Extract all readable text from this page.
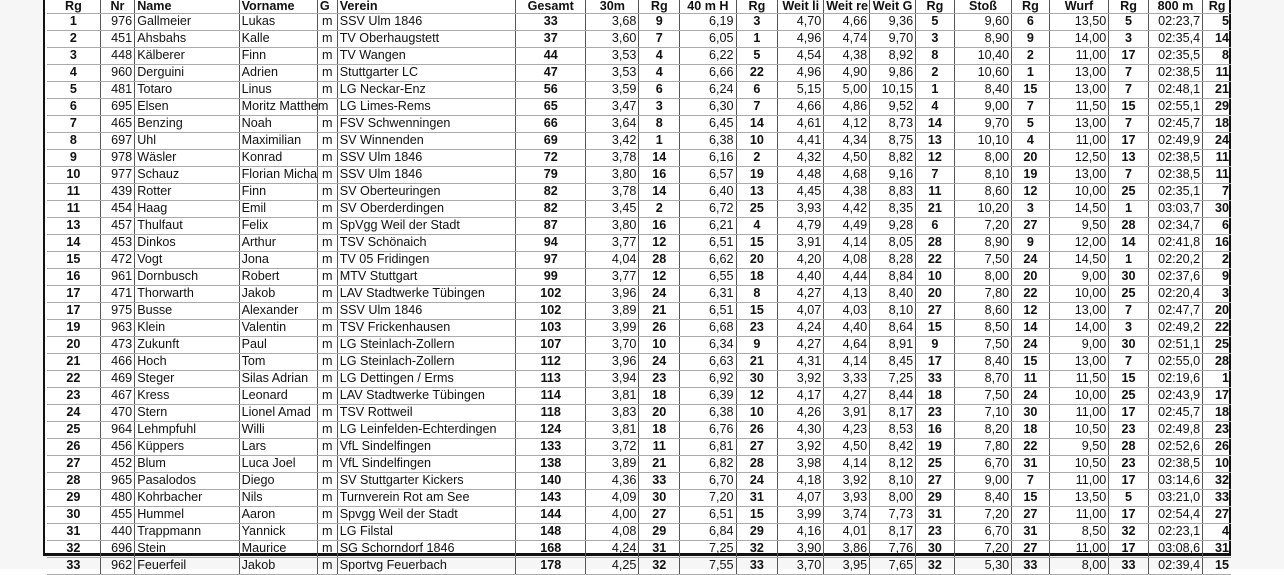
Rg	Nr	Name	Vorname	G	Verein	Gesamt	30m	Rg	40 m H	Rg	Weit li	Weit re	Weit G	Rg	Stoß	Rg	Wurf	Rg	800 m	Rg
1	976	Gallmeier	Lukas	m	SSV Ulm 1846	33	3,68	9	6,19	3	4,70	4,66	9,36	5	9,60	6	13,50	5	02:23,7	5
2	451	Ahsbahs	Kalle	m	TV Oberhaugstett	37	3,60	7	6,05	1	4,96	4,74	9,70	3	8,90	9	14,00	3	02:35,4	14
3	448	Kälberer	Finn	m	TV Wangen	44	3,53	4	6,22	5	4,54	4,38	8,92	8	10,40	2	11,00	17	02:35,5	8
4	960	Derguini	Adrien	m	Stuttgarter LC	47	3,53	4	6,66	22	4,96	4,90	9,86	2	10,60	1	13,00	7	02:38,5	11
5	481	Totaro	Linus	m	LG Neckar-Enz	56	3,59	6	6,24	6	5,15	5,00	10,15	1	8,40	15	13,00	7	02:48,1	21
6	695	Elsen	Moritz Matthem		LG Limes-Rems	65	3,47	3	6,30	7	4,66	4,86	9,52	4	9,00	7	11,50	15	02:55,1	29
7	465	Benzing	Noah	m	FSV Schwenningen	66	3,64	8	6,45	14	4,61	4,12	8,73	14	9,70	5	13,00	7	02:45,7	18
8	697	Uhl	Maximilian	m	SV Winnenden	69	3,42	1	6,38	10	4,41	4,34	8,75	13	10,10	4	11,00	17	02:49,9	24
9	978	Wäsler	Konrad	m	SSV Ulm 1846	72	3,78	14	6,16	2	4,32	4,50	8,82	12	8,00	20	12,50	13	02:38,5	11
10	977	Schauz	Florian Micha	m	SSV Ulm 1846	79	3,80	16	6,57	19	4,48	4,68	9,16	7	8,10	19	13,00	7	02:38,5	11
11	439	Rotter	Finn	m	SV Oberteuringen	82	3,78	14	6,40	13	4,45	4,38	8,83	11	8,60	12	10,00	25	02:35,1	7
11	454	Haag	Emil	m	SV Oberderdingen	82	3,45	2	6,72	25	3,93	4,42	8,35	21	10,20	3	14,50	1	03:03,7	30
13	457	Thulfaut	Felix	m	SpVgg Weil der Stadt	87	3,80	16	6,21	4	4,79	4,49	9,28	6	7,20	27	9,50	28	02:34,7	6
14	453	Dinkos	Arthur	m	TSV Schönaich	94	3,77	12	6,51	15	3,91	4,14	8,05	28	8,90	9	12,00	14	02:41,8	16
15	472	Vogt	Jona	m	TV 05 Fridingen	97	4,04	28	6,62	20	4,20	4,08	8,28	22	7,50	24	14,50	1	02:20,2	2
16	961	Dornbusch	Robert	m	MTV Stuttgart	99	3,77	12	6,55	18	4,40	4,44	8,84	10	8,00	20	9,00	30	02:37,6	9
17	471	Thorwarth	Jakob	m	LAV Stadtwerke Tübingen	102	3,96	24	6,31	8	4,27	4,13	8,40	20	7,80	22	10,00	25	02:20,4	3
17	975	Busse	Alexander	m	SSV Ulm 1846	102	3,89	21	6,51	15	4,07	4,03	8,10	27	8,60	12	13,00	7	02:47,7	20
19	963	Klein	Valentin	m	TSV Frickenhausen	103	3,99	26	6,68	23	4,24	4,40	8,64	15	8,50	14	14,00	3	02:49,2	22
20	473	Zukunft	Paul	m	LG Steinlach-Zollern	107	3,70	10	6,34	9	4,27	4,64	8,91	9	7,50	24	9,00	30	02:51,1	25
21	466	Hoch	Tom	m	LG Steinlach-Zollern	112	3,96	24	6,63	21	4,31	4,14	8,45	17	8,40	15	13,00	7	02:55,0	28
22	469	Steger	Silas Adrian	m	LG Dettingen / Erms	113	3,94	23	6,92	30	3,92	3,33	7,25	33	8,70	11	11,50	15	02:19,6	1
23	467	Kress	Leonard	m	LAV Stadtwerke Tübingen	114	3,81	18	6,39	12	4,17	4,27	8,44	18	7,50	24	10,00	25	02:43,9	17
24	470	Stern	Lionel Amad	m	TSV Rottweil	118	3,83	20	6,38	10	4,26	3,91	8,17	23	7,10	30	11,00	17	02:45,7	18
25	964	Lehmpfuhl	Willi	m	LG Leinfelden-Echterdingen	124	3,81	18	6,76	26	4,30	4,23	8,53	16	8,20	18	10,50	23	02:49,8	23
26	456	Küppers	Lars	m	VfL Sindelfingen	133	3,72	11	6,81	27	3,92	4,50	8,42	19	7,80	22	9,50	28	02:52,6	26
27	452	Blum	Luca Joel	m	VfL Sindelfingen	138	3,89	21	6,82	28	3,98	4,14	8,12	25	6,70	31	10,50	23	02:38,5	10
28	965	Pasalodos	Diego	m	SV Stuttgarter Kickers	140	4,36	33	6,70	24	4,18	3,92	8,10	27	9,00	7	11,00	17	03:14,6	32
29	480	Kohrbacher	Nils	m	Turnverein Rot am See	143	4,09	30	7,20	31	4,07	3,93	8,00	29	8,40	15	13,50	5	03:21,0	33
30	455	Hummel	Aaron	m	Spvgg Weil der Stadt	144	4,00	27	6,51	15	3,99	3,74	7,73	31	7,20	27	11,00	17	02:54,4	27
31	440	Trappmann	Yannick	m	LG Filstal	148	4,08	29	6,84	29	4,16	4,01	8,17	23	6,70	31	8,50	32	02:23,1	4
32	696	Stein	Maurice	m	SG Schorndorf 1846	168	4,24	31	7,25	32	3,90	3,86	7,76	30	7,20	27	11,00	17	03:08,6	31
33	962	Feuerfeil	Jakob	m	Sportvg Feuerbach	178	4,25	32	7,55	33	3,70	3,95	7,65	32	5,30	33	8,00	33	02:39,4	15
